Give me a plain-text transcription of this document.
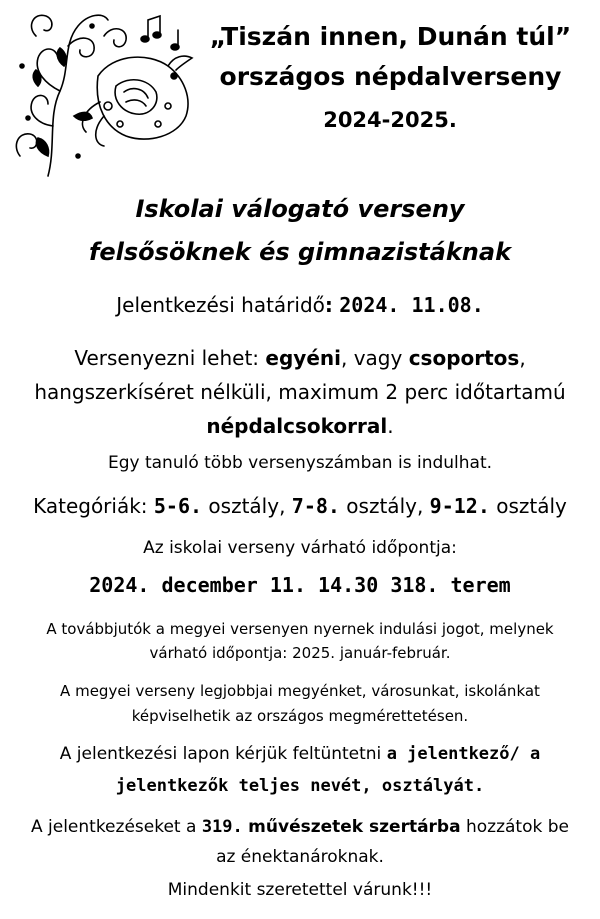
„Tiszán innen, Dunán túl”
országos népdalverseny
2024-2025.
Iskolai válogató verseny
felsősöknek és gimnazistáknak
Jelentkezési határidő: 2024. 11.08.
Versenyezni lehet: egyéni, vagy csoportos,
hangszerkíséret nélküli, maximum 2 perc időtartamú
népdalcsokorral.
Egy tanuló több versenyszámban is indulhat.
Kategóriák: 5-6. osztály, 7-8. osztály, 9-12. osztály
Az iskolai verseny várható időpontja:
2024. december 11. 14.30 318. terem
A továbbjutók a megyei versenyen nyernek indulási jogot, melynek
várható időpontja: 2025. január-február.
A megyei verseny legjobbjai megyénket, városunkat, iskolánkat
képviselhetik az országos megmérettetésen.
A jelentkezési lapon kérjük feltüntetni a jelentkező/ a
jelentkezők teljes nevét, osztályát.
A jelentkezéseket a 319. művészetek szertárba hozzátok be
az énektanároknak.
Mindenkit szeretettel várunk!!!
